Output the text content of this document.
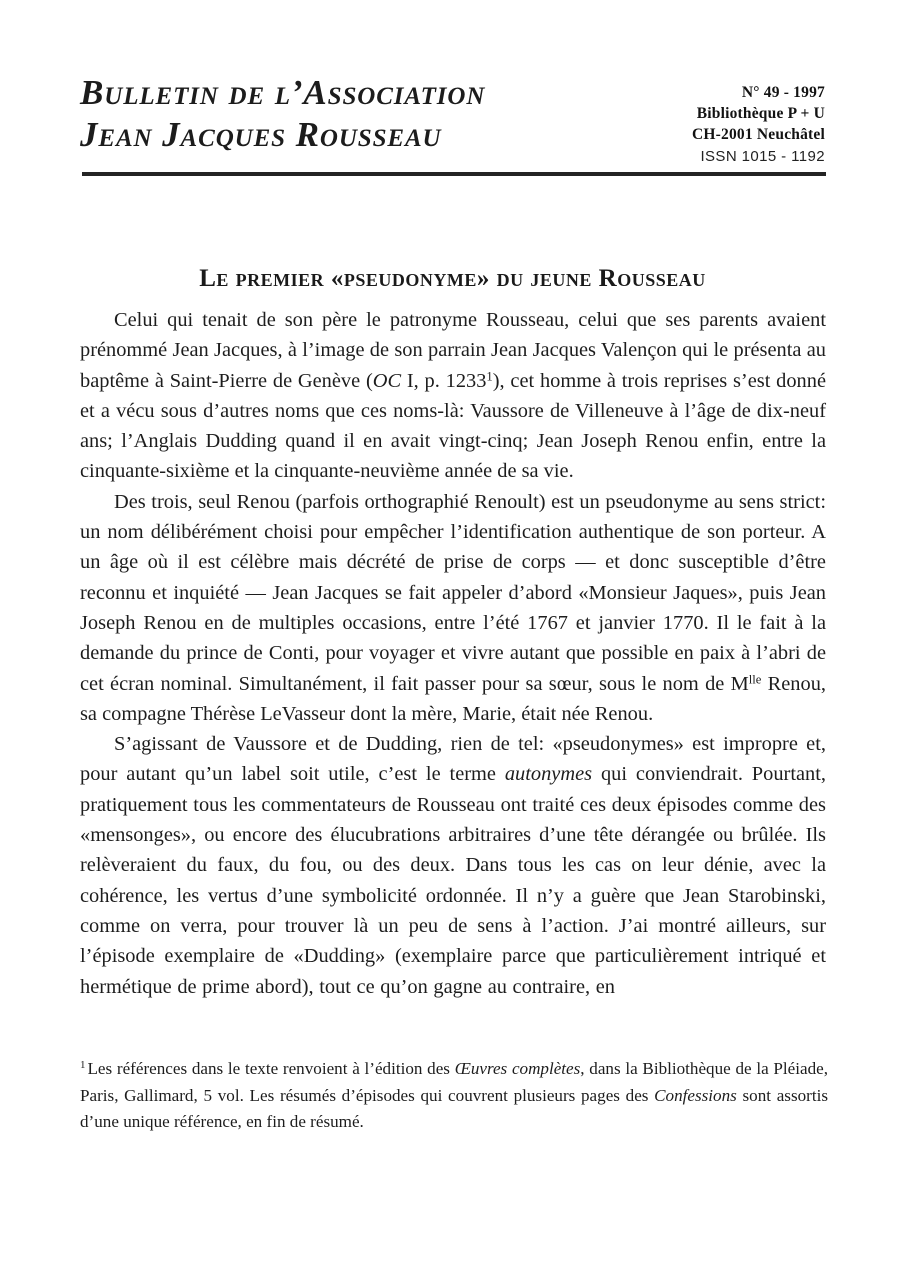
Bulletin de l’Association
Jean Jacques Rousseau
N° 49 - 1997
Bibliothèque P + U
CH-2001 Neuchâtel
ISSN 1015 - 1192
Le premier «pseudonyme» du jeune Rousseau

Celui qui tenait de son père le patronyme Rousseau, celui que ses parents avaient prénommé Jean Jacques, à l’image de son parrain Jean Jacques Valençon qui le présenta au baptême à Saint-Pierre de Genève (OC I, p. 1233$^1$), cet homme à trois reprises s’est donné et a vécu sous d’autres noms que ces noms-là: Vaussore de Villeneuve à l’âge de dix-neuf ans; l’Anglais Dudding quand il en avait vingt-cinq; Jean Joseph Renou enfin, entre la cinquante-sixième et la cinquante-neuvième année de sa vie.

Des trois, seul Renou (parfois orthographié Renoult) est un pseudonyme au sens strict: un nom délibérément choisi pour empêcher l’identification authentique de son porteur. A un âge où il est célèbre mais décrété de prise de corps — et donc susceptible d’être reconnu et inquiété — Jean Jacques se fait appeler d’abord «Monsieur Jaques», puis Jean Joseph Renou en de multiples occasions, entre l’été 1767 et janvier 1770. Il le fait à la demande du prince de Conti, pour voyager et vivre autant que possible en paix à l’abri de cet écran nominal. Simultanément, il fait passer pour sa sœur, sous le nom de $M^{lle}$ Renou, sa compagne Thérèse LeVasseur dont la mère, Marie, était née Renou.

S’agissant de Vaussore et de Dudding, rien de tel: «pseudonymes» est impropre et, pour autant qu’un label soit utile, c’est le terme autonymes qui conviendrait. Pourtant, pratiquement tous les commentateurs de Rousseau ont traité ces deux épisodes comme des «mensonges», ou encore des élucubrations arbitraires d’une tête dérangée ou brûlée. Ils relèveraient du faux, du fou, ou des deux. Dans tous les cas on leur dénie, avec la cohérence, les vertus d’une symbolicité ordonnée. Il n’y a guère que Jean Starobinski, comme on verra, pour trouver là un peu de sens à l’action. J’ai montré ailleurs, sur l’épisode exemplaire de «Dudding» (exemplaire parce que particulièrement intriqué et hermétique de prime abord), tout ce qu’on gagne au contraire, en

$^1$ Les références dans le texte renvoient à l’édition des Œuvres complètes, dans la Bibliothèque de la Pléiade, Paris, Gallimard, 5 vol. Les résumés d’épisodes qui couvrent plusieurs pages des Confessions sont assortis d’une unique référence, en fin de résumé.
